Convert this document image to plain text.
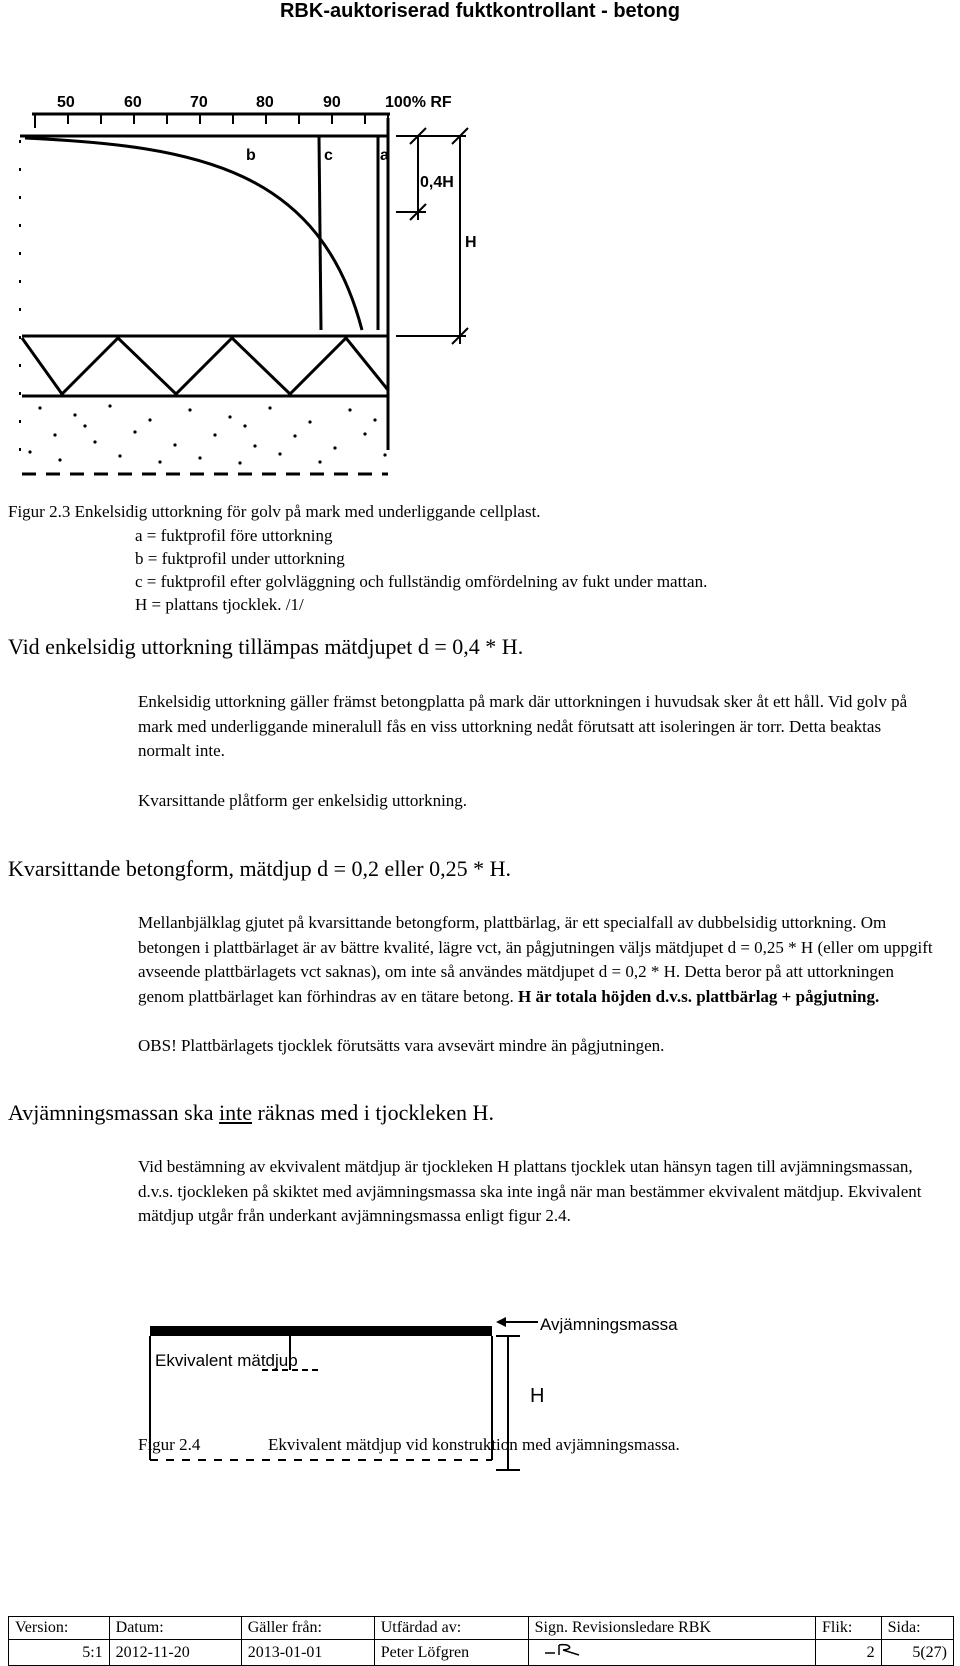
RBK-auktoriserad fuktkontrollant - betong
50	60	70	80	90	100% RF
b	c	a
0,4H
H
Figur 2.3 Enkelsidig uttorkning för golv på mark med underliggande cellplast.
a = fuktprofil före uttorkning
b = fuktprofil under uttorkning
c = fuktprofil efter golvläggning och fullständig omfördelning av fukt under mattan.
H = plattans tjocklek. /1/
Vid enkelsidig uttorkning tillämpas mätdjupet d = 0,4 * H.
Enkelsidig uttorkning gäller främst betongplatta på mark där uttorkningen i huvudsak sker åt ett håll. Vid golv på mark med underliggande mineralull fås en viss uttorkning nedåt förutsatt att isoleringen är torr. Detta beaktas normalt inte.
Kvarsittande plåtform ger enkelsidig uttorkning.
Kvarsittande betongform, mätdjup d = 0,2 eller 0,25 * H.
Mellanbjälklag gjutet på kvarsittande betongform, plattbärlag, är ett specialfall av dubbelsidig uttorkning. Om betongen i plattbärlaget är av bättre kvalité, lägre vct, än pågjutningen väljs mätdjupet d = 0,25 * H (eller om uppgift avseende plattbärlagets vct saknas), om inte så användes mätdjupet d = 0,2 * H. Detta beror på att uttorkningen genom plattbärlaget kan förhindras av en tätare betong. H är totala höjden d.v.s. plattbärlag + pågjutning.
OBS! Plattbärlagets tjocklek förutsätts vara avsevärt mindre än pågjutningen.
Avjämningsmassan ska inte räknas med i tjockleken H.
Vid bestämning av ekvivalent mätdjup är tjockleken H plattans tjocklek utan hänsyn tagen till avjämningsmassan, d.v.s. tjockleken på skiktet med avjämningsmassa ska inte ingå när man bestämmer ekvivalent mätdjup. Ekvivalent mätdjup utgår från underkant avjämningsmassa enligt figur 2.4.
Avjämningsmassa
Ekvivalent mätdjup
H
Figur 2.4	Ekvivalent mätdjup vid konstruktion med avjämningsmassa.
Version:	Datum:	Gäller från:	Utfärdad av:	Sign. Revisionsledare RBK	Flik:	Sida:
5:1	2012-11-20	2013-01-01	Peter Löfgren		2	5(27)
